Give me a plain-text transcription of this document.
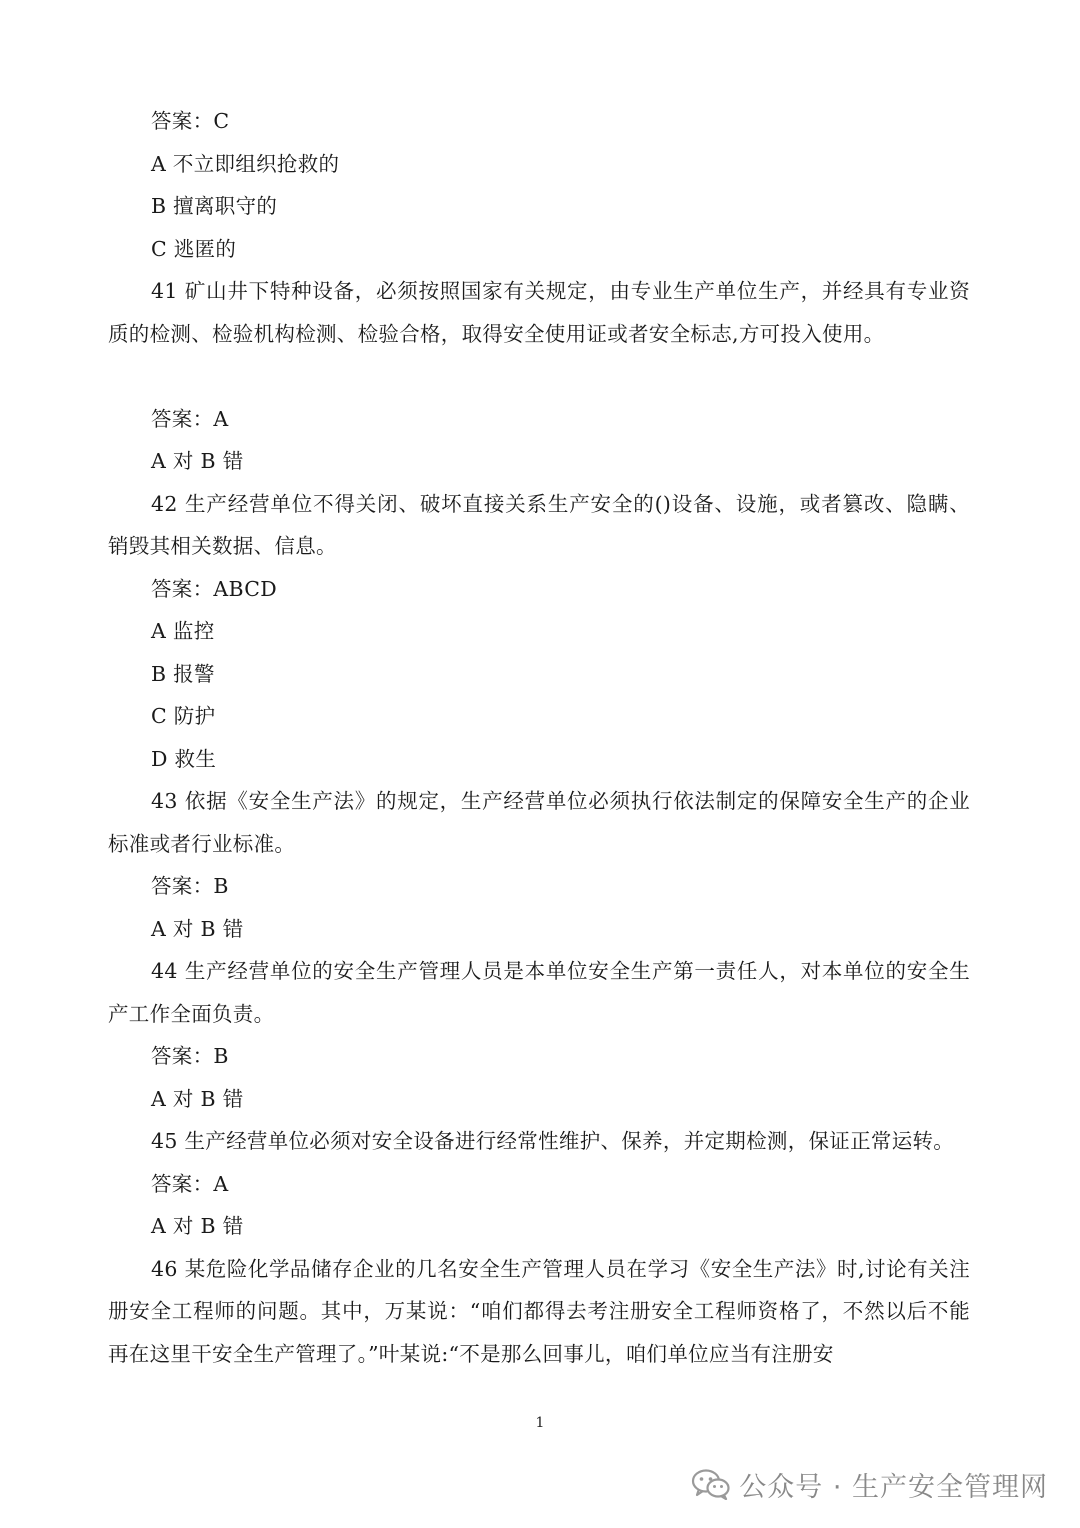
答案：C
A 不立即组织抢救的
B 擅离职守的
C 逃匿的
41 矿山井下特种设备，必须按照国家有关规定，由专业生产单位生产，并经具有专业资质的检测、检验机构检测、检验合格，取得安全使用证或者安全标志,方可投入使用。
答案：A
A 对 B 错
42 生产经营单位不得关闭、破坏直接关系生产安全的()设备、设施，或者篡改、隐瞒、销毁其相关数据、信息。
答案：ABCD
A 监控
B 报警
C 防护
D 救生
43 依据《安全生产法》的规定，生产经营单位必须执行依法制定的保障安全生产的企业标准或者行业标准。
答案：B
A 对 B 错
44 生产经营单位的安全生产管理人员是本单位安全生产第一责任人，对本单位的安全生产工作全面负责。
答案：B
A 对 B 错
45 生产经营单位必须对安全设备进行经常性维护、保养，并定期检测，保证正常运转。
答案：A
A 对 B 错
46 某危险化学品储存企业的几名安全生产管理人员在学习《安全生产法》时,讨论有关注册安全工程师的问题。其中，万某说：“咱们都得去考注册安全工程师资格了，不然以后不能再在这里干安全生产管理了。”叶某说:“不是那么回事儿，咱们单位应当有注册安
1
公众号 · 生产安全管理网
